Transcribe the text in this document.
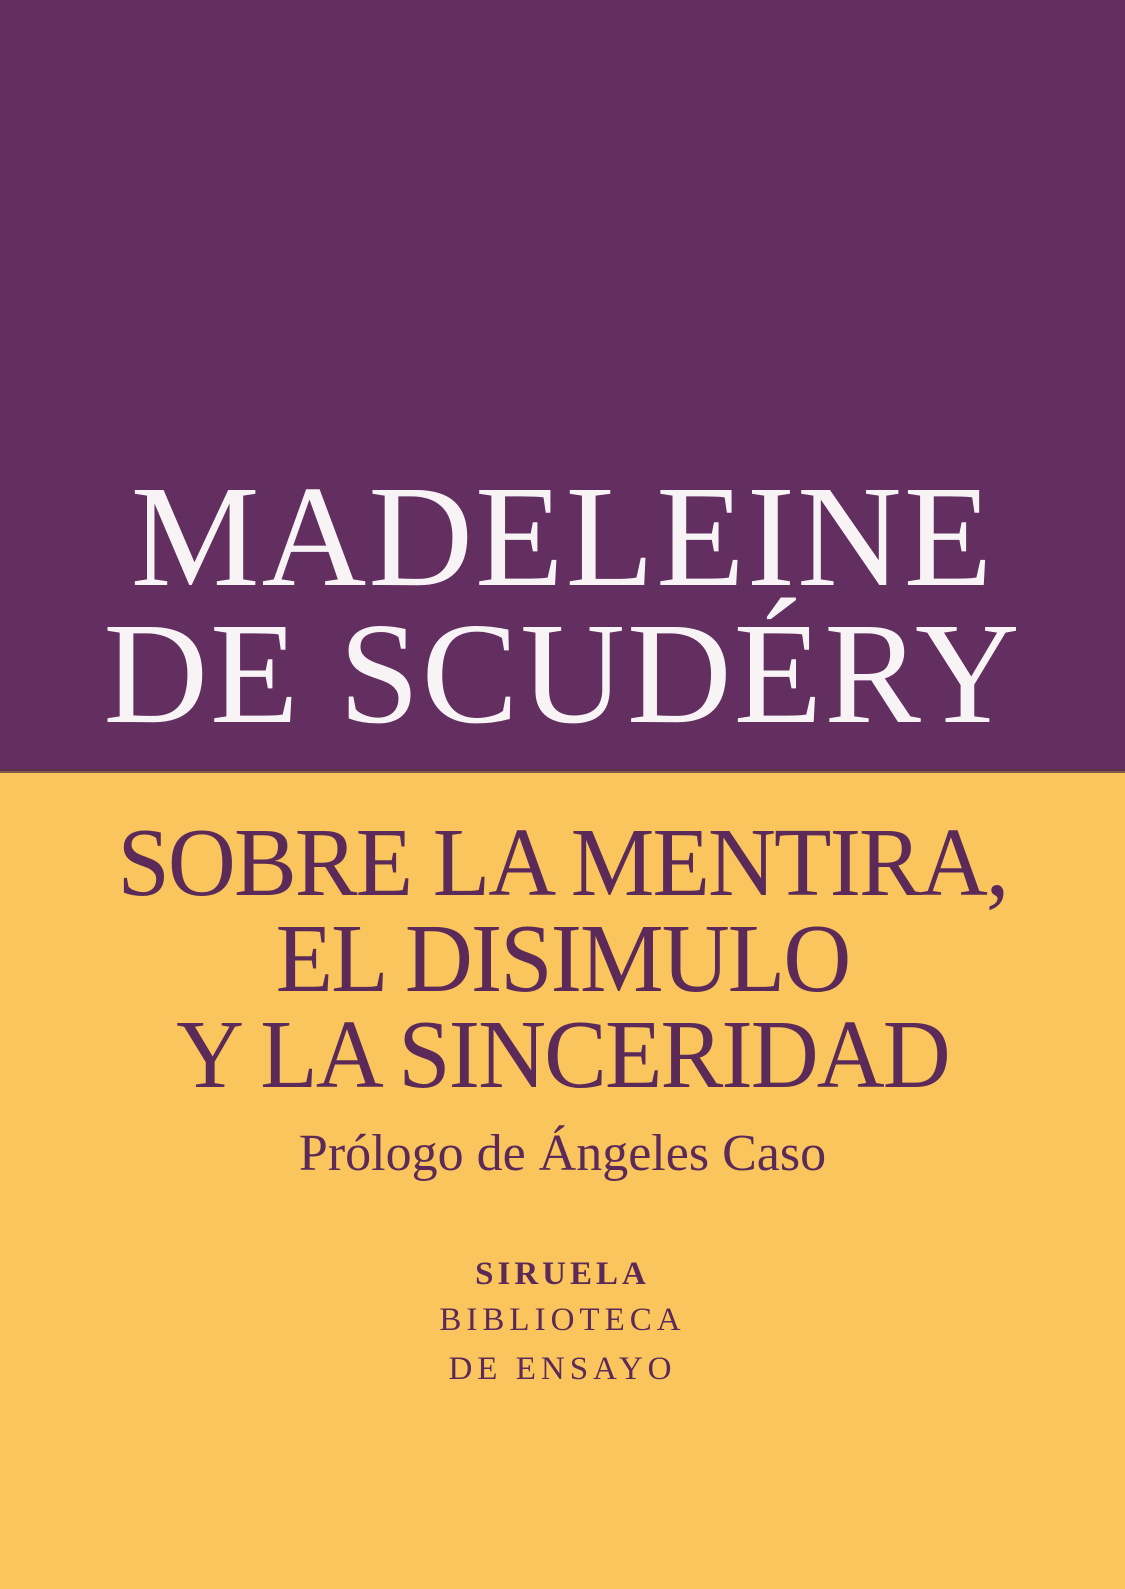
MADELEINE
DE SCUDÉRY
SOBRE LA MENTIRA,
EL DISIMULO
Y LA SINCERIDAD

Prólogo de Ángeles Caso

SIRUELA

BIBLIOTECA

DE ENSAYO
